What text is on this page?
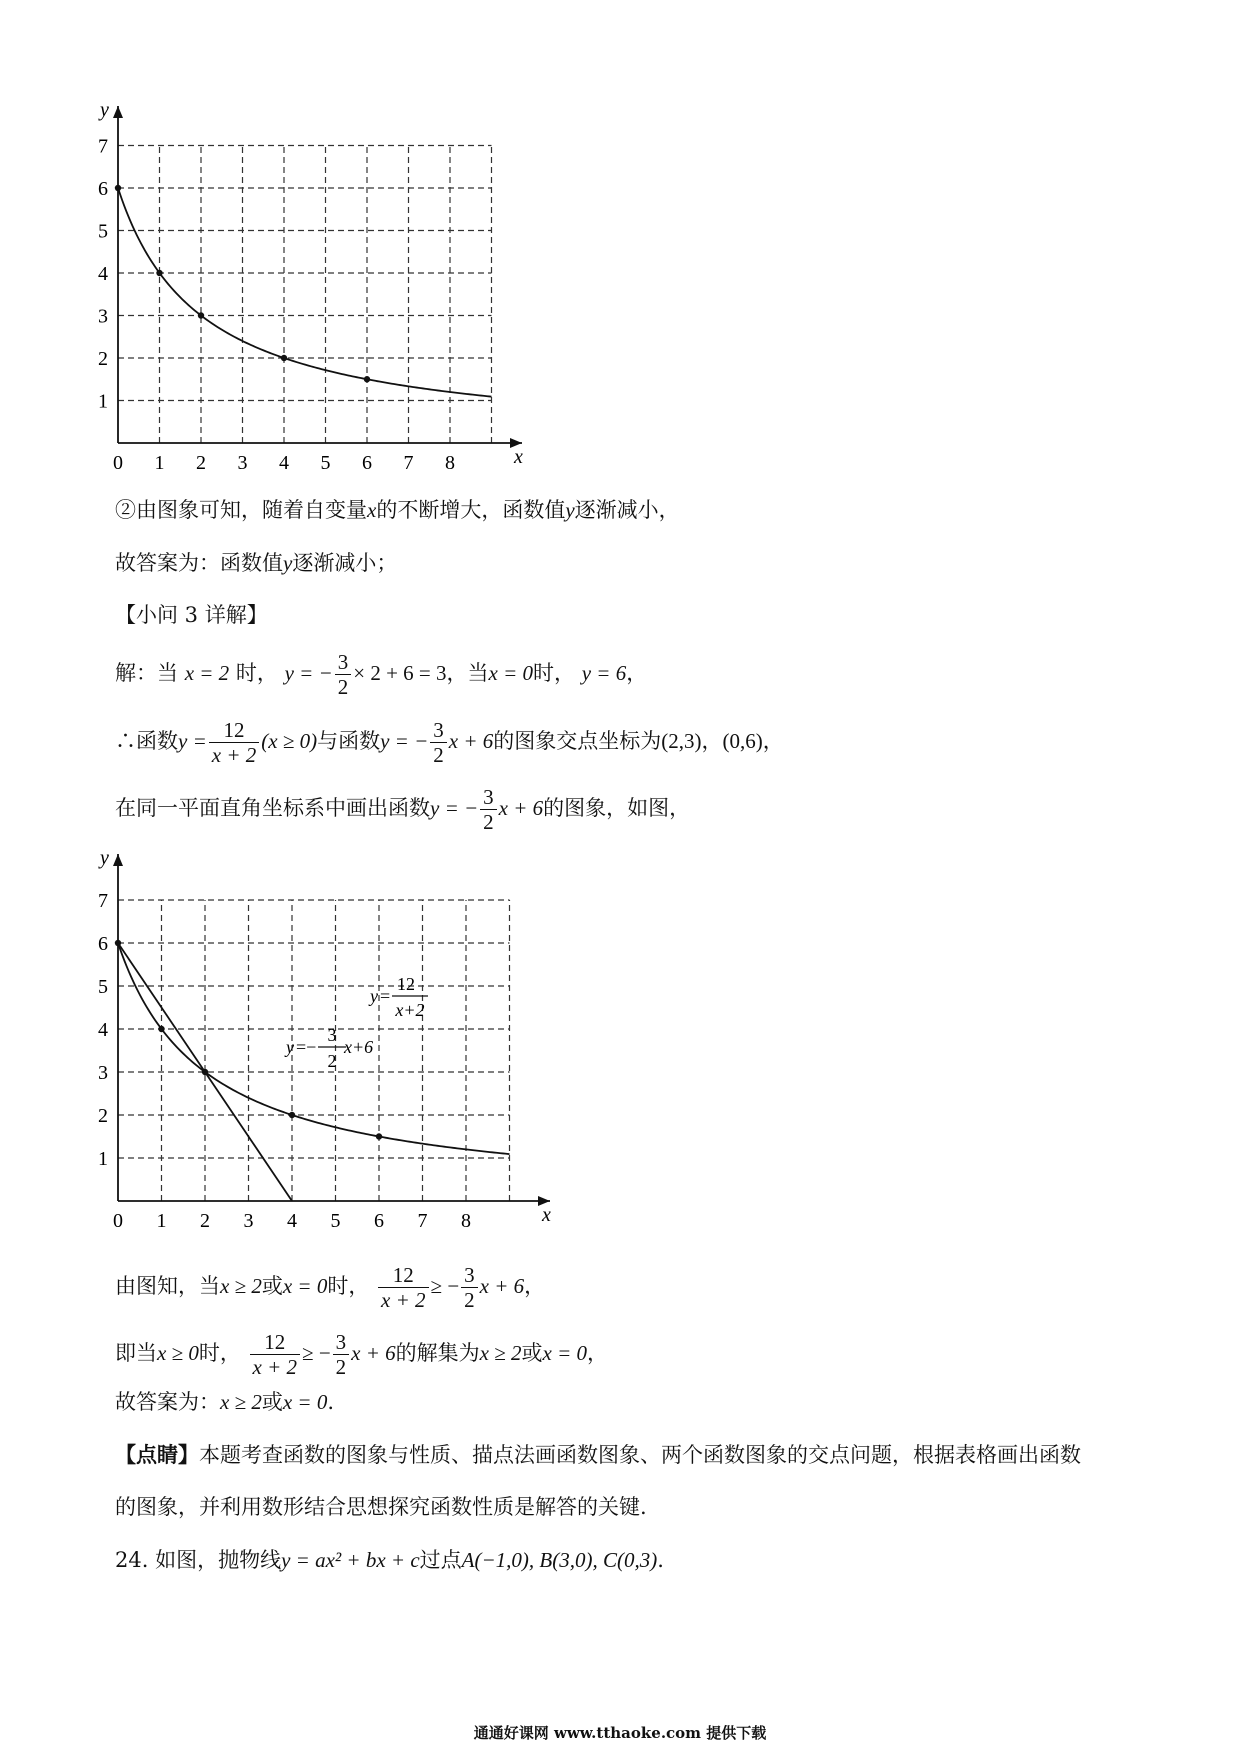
x
y
0 1 2 3 4 5 6 7 8
1
2
3
4
5
6
7
②由图象可知，随着自变量x的不断增大，函数值y逐渐减小，
故答案为：函数值y逐渐减小；
【小问 3 详解】
解：当 x = 2 时， y = − $\frac{3}{2} \times 2 + 6 = 3$，当x = 0时， y = 6，
∴函数$y = \frac{12}{x + 2} (x \ge 0)$与函数y = − $\frac{3}{2}$ x + 6的图象交点坐标为(2,3)，(0,6)，
在同一平面直角坐标系中画出函数y = − $\frac{3}{2}$ x + 6的图象，如图，
x
y
0 1 2 3 4 5 6 7 8
1
2
3
4
5
6
7
y =
12
x+2
y =−
3
2
x+6
由图知，当x ≥ 2或x = 0时， $\frac{12}{x + 2}$ ≥ − $\frac{3}{2}$ x + 6，
即当x ≥ 0时， $\frac{12}{x + 2}$ ≥ − $\frac{3}{2}$ x + 6的解集为x ≥ 2或x = 0，
故答案为：x ≥ 2或x = 0.
【点睛】本题考查函数的图象与性质、描点法画函数图象、两个函数图象的交点问题，根据表格画出函数
的图象，并利用数形结合思想探究函数性质是解答的关键.
24. 如图，抛物线y = ax² + bx + c过点A(−1,0), B(3,0), C(0,3).
通通好课网 www.tthaoke.com 提供下载
